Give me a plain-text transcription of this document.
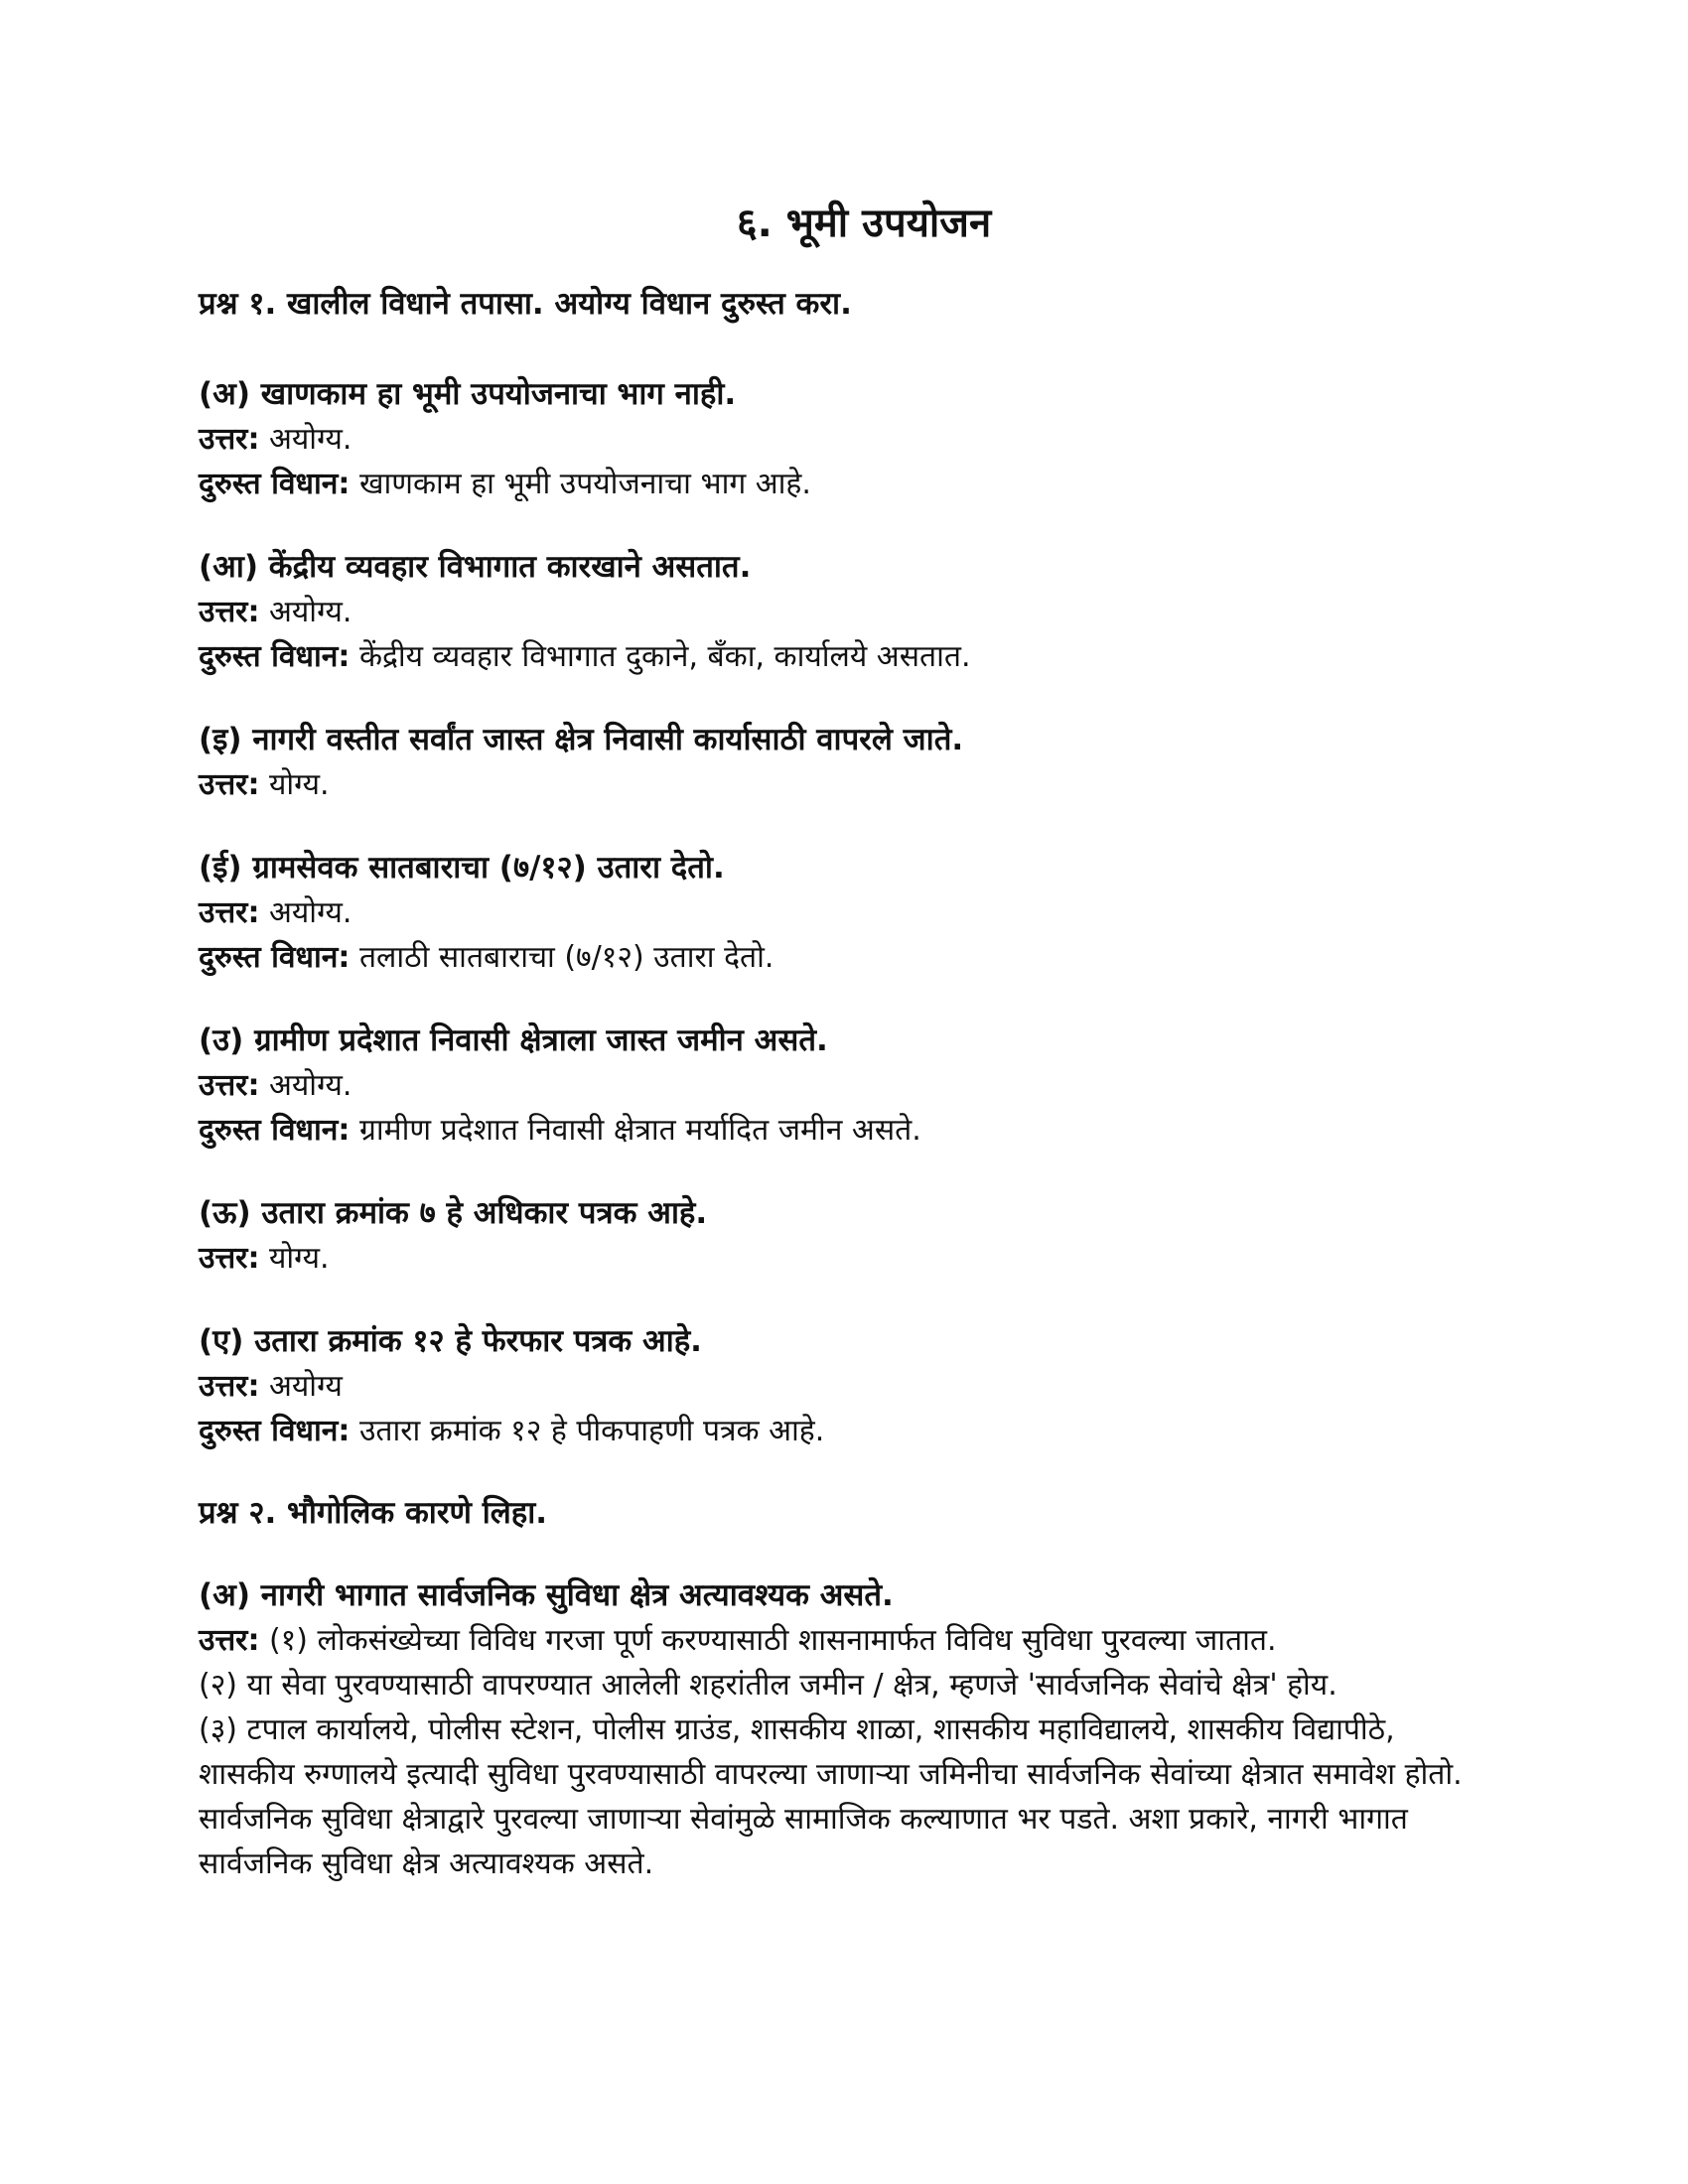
६. भूमी उपयोजन

प्रश्न १. खालील विधाने तपासा. अयोग्य विधान दुरुस्त करा.

(अ) खाणकाम हा भूमी उपयोजनाचा भाग नाही.

उत्तर: अयोग्य.

दुरुस्त विधान: खाणकाम हा भूमी उपयोजनाचा भाग आहे.

(आ) केंद्रीय व्यवहार विभागात कारखाने असतात.

उत्तर: अयोग्य.

दुरुस्त विधान: केंद्रीय व्यवहार विभागात दुकाने, बँका, कार्यालये असतात.

(इ) नागरी वस्तीत सर्वांत जास्त क्षेत्र निवासी कार्यासाठी वापरले जाते.

उत्तर: योग्य.

(ई) ग्रामसेवक सातबाराचा (७/१२) उतारा देतो.

उत्तर: अयोग्य.

दुरुस्त विधान: तलाठी सातबाराचा (७/१२) उतारा देतो.

(उ) ग्रामीण प्रदेशात निवासी क्षेत्राला जास्त जमीन असते.

उत्तर: अयोग्य.

दुरुस्त विधान: ग्रामीण प्रदेशात निवासी क्षेत्रात मर्यादित जमीन असते.

(ऊ) उतारा क्रमांक ७ हे अधिकार पत्रक आहे.

उत्तर: योग्य.

(ए) उतारा क्रमांक १२ हे फेरफार पत्रक आहे.

उत्तर: अयोग्य

दुरुस्त विधान: उतारा क्रमांक १२ हे पीकपाहणी पत्रक आहे.

प्रश्न २. भौगोलिक कारणे लिहा.

(अ) नागरी भागात सार्वजनिक सुविधा क्षेत्र अत्यावश्यक असते.

उत्तर: (१) लोकसंख्येच्या विविध गरजा पूर्ण करण्यासाठी शासनामार्फत विविध सुविधा पुरवल्या जातात.

(२) या सेवा पुरवण्यासाठी वापरण्यात आलेली शहरांतील जमीन / क्षेत्र, म्हणजे 'सार्वजनिक सेवांचे क्षेत्र' होय.

(३) टपाल कार्यालये, पोलीस स्टेशन, पोलीस ग्राउंड, शासकीय शाळा, शासकीय महाविद्यालये, शासकीय विद्यापीठे, शासकीय रुग्णालये इत्यादी सुविधा पुरवण्यासाठी वापरल्या जाणाऱ्या जमिनीचा सार्वजनिक सेवांच्या क्षेत्रात समावेश होतो. सार्वजनिक सुविधा क्षेत्राद्वारे पुरवल्या जाणाऱ्या सेवांमुळे सामाजिक कल्याणात भर पडते. अशा प्रकारे, नागरी भागात सार्वजनिक सुविधा क्षेत्र अत्यावश्यक असते.
